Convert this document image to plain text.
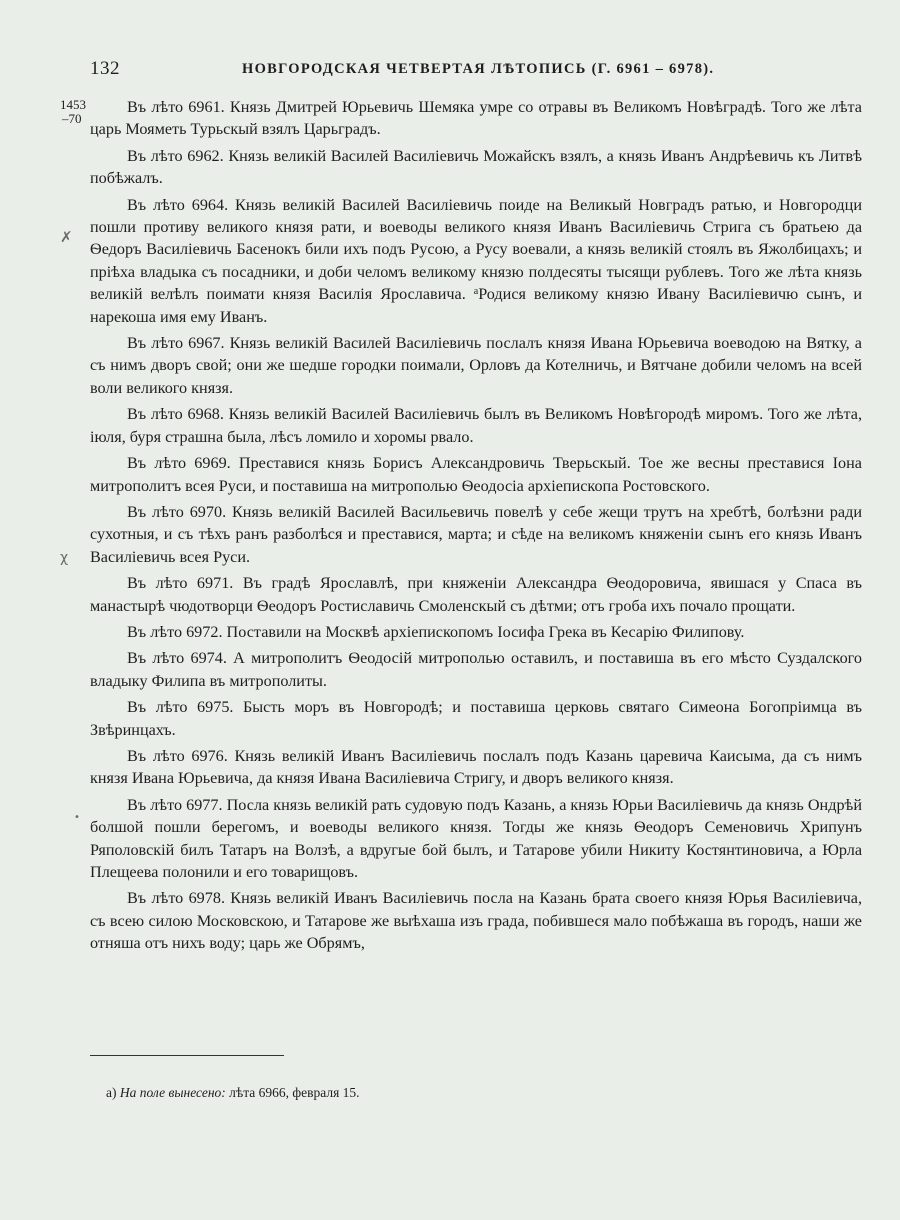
132	НОВГОРОДСКАЯ ЧЕТВЕРТАЯ ЛѢТОПИСЬ (Г. 6961 – 6978).
1453
–70
✗
χ
•

Въ лѣто 6961. Князь Дмитрей Юрьевичь Шемяка умре со отравы въ Великомъ Новѣградѣ. Того же лѣта царь Мояметь Турьскый взялъ Царьградъ.

Въ лѣто 6962. Князь великій Василей Василіевичь Можайскъ взялъ, а князь Иванъ Андрѣевичь къ Литвѣ побѣжалъ.

Въ лѣто 6964. Князь великій Василей Василіевичь поиде на Великый Новградъ ратью, и Новгородци пошли противу великого князя рати, и воеводы великого князя Иванъ Василіевичь Стрига съ братьею да Ѳедоръ Василіевичь Басенокъ били ихъ подъ Русою, а Русу воевали, а князь великій стоялъ въ Яжолбицахъ; и пріѣха владыка съ посадники, и доби челомъ великому князю полдесяты тысящи рублевъ. Того же лѣта князь великій велѣлъ поимати князя Василія Ярославича. $^а$Родися великому князю Ивану Василіевичю сынъ, и нарекоша имя ему Иванъ.

Въ лѣто 6967. Князь великій Василей Василіевичь послалъ князя Ивана Юрьевича воеводою на Вятку, а съ нимъ дворъ свой; они же шедше городки поимали, Орловъ да Котелничь, и Вятчане добили челомъ на всей воли великого князя.

Въ лѣто 6968. Князь великій Василей Василіевичь былъ въ Великомъ Новѣгородѣ миромъ. Того же лѣта, іюля, буря страшна была, лѣсъ ломило и хоромы рвало.

Въ лѣто 6969. Преставися князь Борисъ Александровичь Тверьскый. Тое же весны преставися Іона митрополитъ всея Руси, и поставиша на митрополью Ѳеодосіа архіепископа Ростовского.

Въ лѣто 6970. Князь великій Василей Васильевичь повелѣ у себе жещи трутъ на хребтѣ, болѣзни ради сухотныя, и съ тѣхъ ранъ разболѣся и преставися, марта; и сѣде на великомъ княженіи сынъ его князь Иванъ Василіевичь всея Руси.

Въ лѣто 6971. Въ градѣ Ярославлѣ, при княженіи Александра Ѳеодоровича, явишася у Спаса въ манастырѣ чюдотворци Ѳеодоръ Ростиславичь Смоленскый съ дѣтми; отъ гроба ихъ почало прощати.

Въ лѣто 6972. Поставили на Москвѣ архіепископомъ Іосифа Грека въ Кесарію Филипову.

Въ лѣто 6974. А митрополитъ Ѳеодосій митрополью оставилъ, и поставиша въ его мѣсто Суздалского владыку Филипа въ митрополиты.

Въ лѣто 6975. Бысть моръ въ Новгородѣ; и поставиша церковь святаго Симеона Богопріимца въ Звѣринцахъ.

Въ лѣто 6976. Князь великій Иванъ Василіевичь послалъ подъ Казань царевича Каисыма, да съ нимъ князя Ивана Юрьевича, да князя Ивана Василіевича Стригу, и дворъ великого князя.

Въ лѣто 6977. Посла князь великій рать судовую подъ Казань, а князь Юрьи Василіевичь да князь Ондрѣй болшой пошли берегомъ, и воеводы великого князя. Тогды же князь Ѳеодоръ Семеновичь Хрипунъ Ряполовскій билъ Татаръ на Волзѣ, а вдругые бой былъ, и Татарове убили Никиту Костянтиновича, а Юрла Плещеева полонили и его товарищовъ.

Въ лѣто 6978. Князь великій Иванъ Василіевичь посла на Казань брата своего князя Юрья Василіевича, съ всею силою Московскою, и Татарове же выѣхаша изъ града, побившеся мало побѣжаша въ городъ, наши же отняша отъ нихъ воду; царь же Обрямъ,

а) На поле вынесено: лѣта 6966, февраля 15.
